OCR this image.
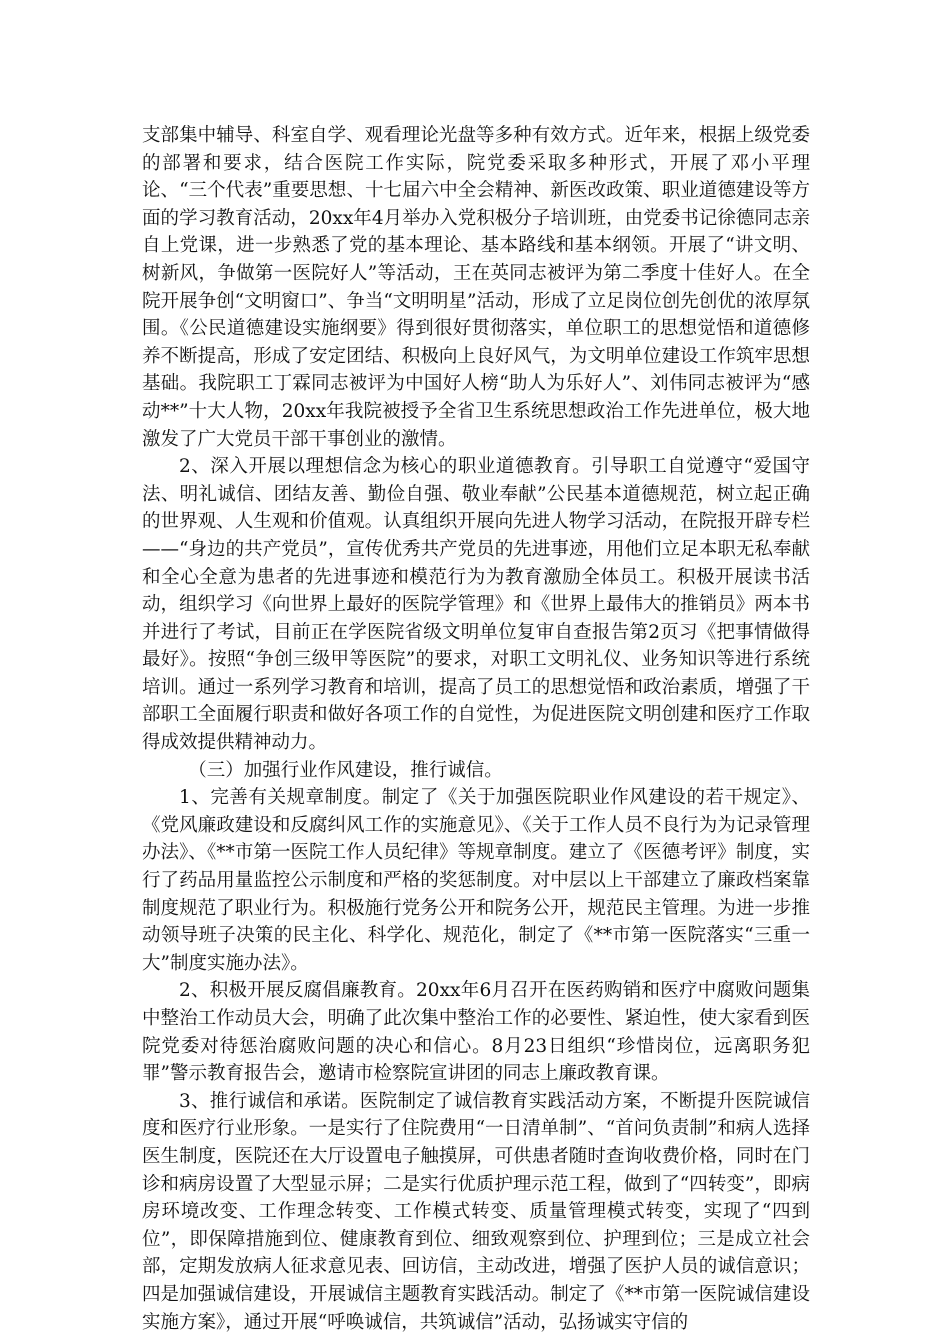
支部集中辅导、科室自学、观看理论光盘等多种有效方式。近年来，根据上级党委的部署和要求，结合医院工作实际，院党委采取多种形式，开展了邓小平理论、“三个代表”重要思想、十七届六中全会精神、新医改政策、职业道德建设等方面的学习教育活动，20xx年4月举办入党积极分子培训班，由党委书记徐德同志亲自上党课，进一步熟悉了党的基本理论、基本路线和基本纲领。开展了“讲文明、树新风，争做第一医院好人”等活动，王在英同志被评为第二季度十佳好人。在全院开展争创“文明窗口”、争当“文明明星”活动，形成了立足岗位创先创优的浓厚氛围。《公民道德建设实施纲要》得到很好贯彻落实，单位职工的思想觉悟和道德修养不断提高，形成了安定团结、积极向上良好风气，为文明单位建设工作筑牢思想基础。我院职工丁霖同志被评为中国好人榜“助人为乐好人”、刘伟同志被评为“感动**”十大人物，20xx年我院被授予全省卫生系统思想政治工作先进单位，极大地激发了广大党员干部干事创业的激情。

2、深入开展以理想信念为核心的职业道德教育。引导职工自觉遵守“爱国守法、明礼诚信、团结友善、勤俭自强、敬业奉献”公民基本道德规范，树立起正确的世界观、人生观和价值观。认真组织开展向先进人物学习活动，在院报开辟专栏——“身边的共产党员”，宣传优秀共产党员的先进事迹，用他们立足本职无私奉献和全心全意为患者的先进事迹和模范行为为教育激励全体员工。积极开展读书活动，组织学习《向世界上最好的医院学管理》和《世界上最伟大的推销员》两本书并进行了考试，目前正在学医院省级文明单位复审自查报告第2页习《把事情做得最好》。按照“争创三级甲等医院”的要求，对职工文明礼仪、业务知识等进行系统培训。通过一系列学习教育和培训，提高了员工的思想觉悟和政治素质，增强了干部职工全面履行职责和做好各项工作的自觉性，为促进医院文明创建和医疗工作取得成效提供精神动力。

（三）加强行业作风建设，推行诚信。

1、完善有关规章制度。制定了《关于加强医院职业作风建设的若干规定》、《党风廉政建设和反腐纠风工作的实施意见》、《关于工作人员不良行为为记录管理办法》、《**市第一医院工作人员纪律》等规章制度。建立了《医德考评》制度，实行了药品用量监控公示制度和严格的奖惩制度。对中层以上干部建立了廉政档案靠制度规范了职业行为。积极施行党务公开和院务公开，规范民主管理。为进一步推动领导班子决策的民主化、科学化、规范化，制定了《**市第一医院落实“三重一大”制度实施办法》。

2、积极开展反腐倡廉教育。20xx年6月召开在医药购销和医疗中腐败问题集中整治工作动员大会，明确了此次集中整治工作的必要性、紧迫性，使大家看到医院党委对待惩治腐败问题的决心和信心。8月23日组织“珍惜岗位，远离职务犯罪”警示教育报告会，邀请市检察院宣讲团的同志上廉政教育课。

3、推行诚信和承诺。医院制定了诚信教育实践活动方案，不断提升医院诚信度和医疗行业形象。一是实行了住院费用“一日清单制”、“首问负责制”和病人选择医生制度，医院还在大厅设置电子触摸屏，可供患者随时查询收费价格，同时在门诊和病房设置了大型显示屏；二是实行优质护理示范工程，做到了“四转变”，即病房环境改变、工作理念转变、工作模式转变、质量管理模式转变，实现了“四到位”，即保障措施到位、健康教育到位、细致观察到位、护理到位；三是成立社会部，定期发放病人征求意见表、回访信，主动改进，增强了医护人员的诚信意识；四是加强诚信建设，开展诚信主题教育实践活动。制定了《**市第一医院诚信建设实施方案》，通过开展“呼唤诚信，共筑诚信”活动，弘扬诚实守信的
